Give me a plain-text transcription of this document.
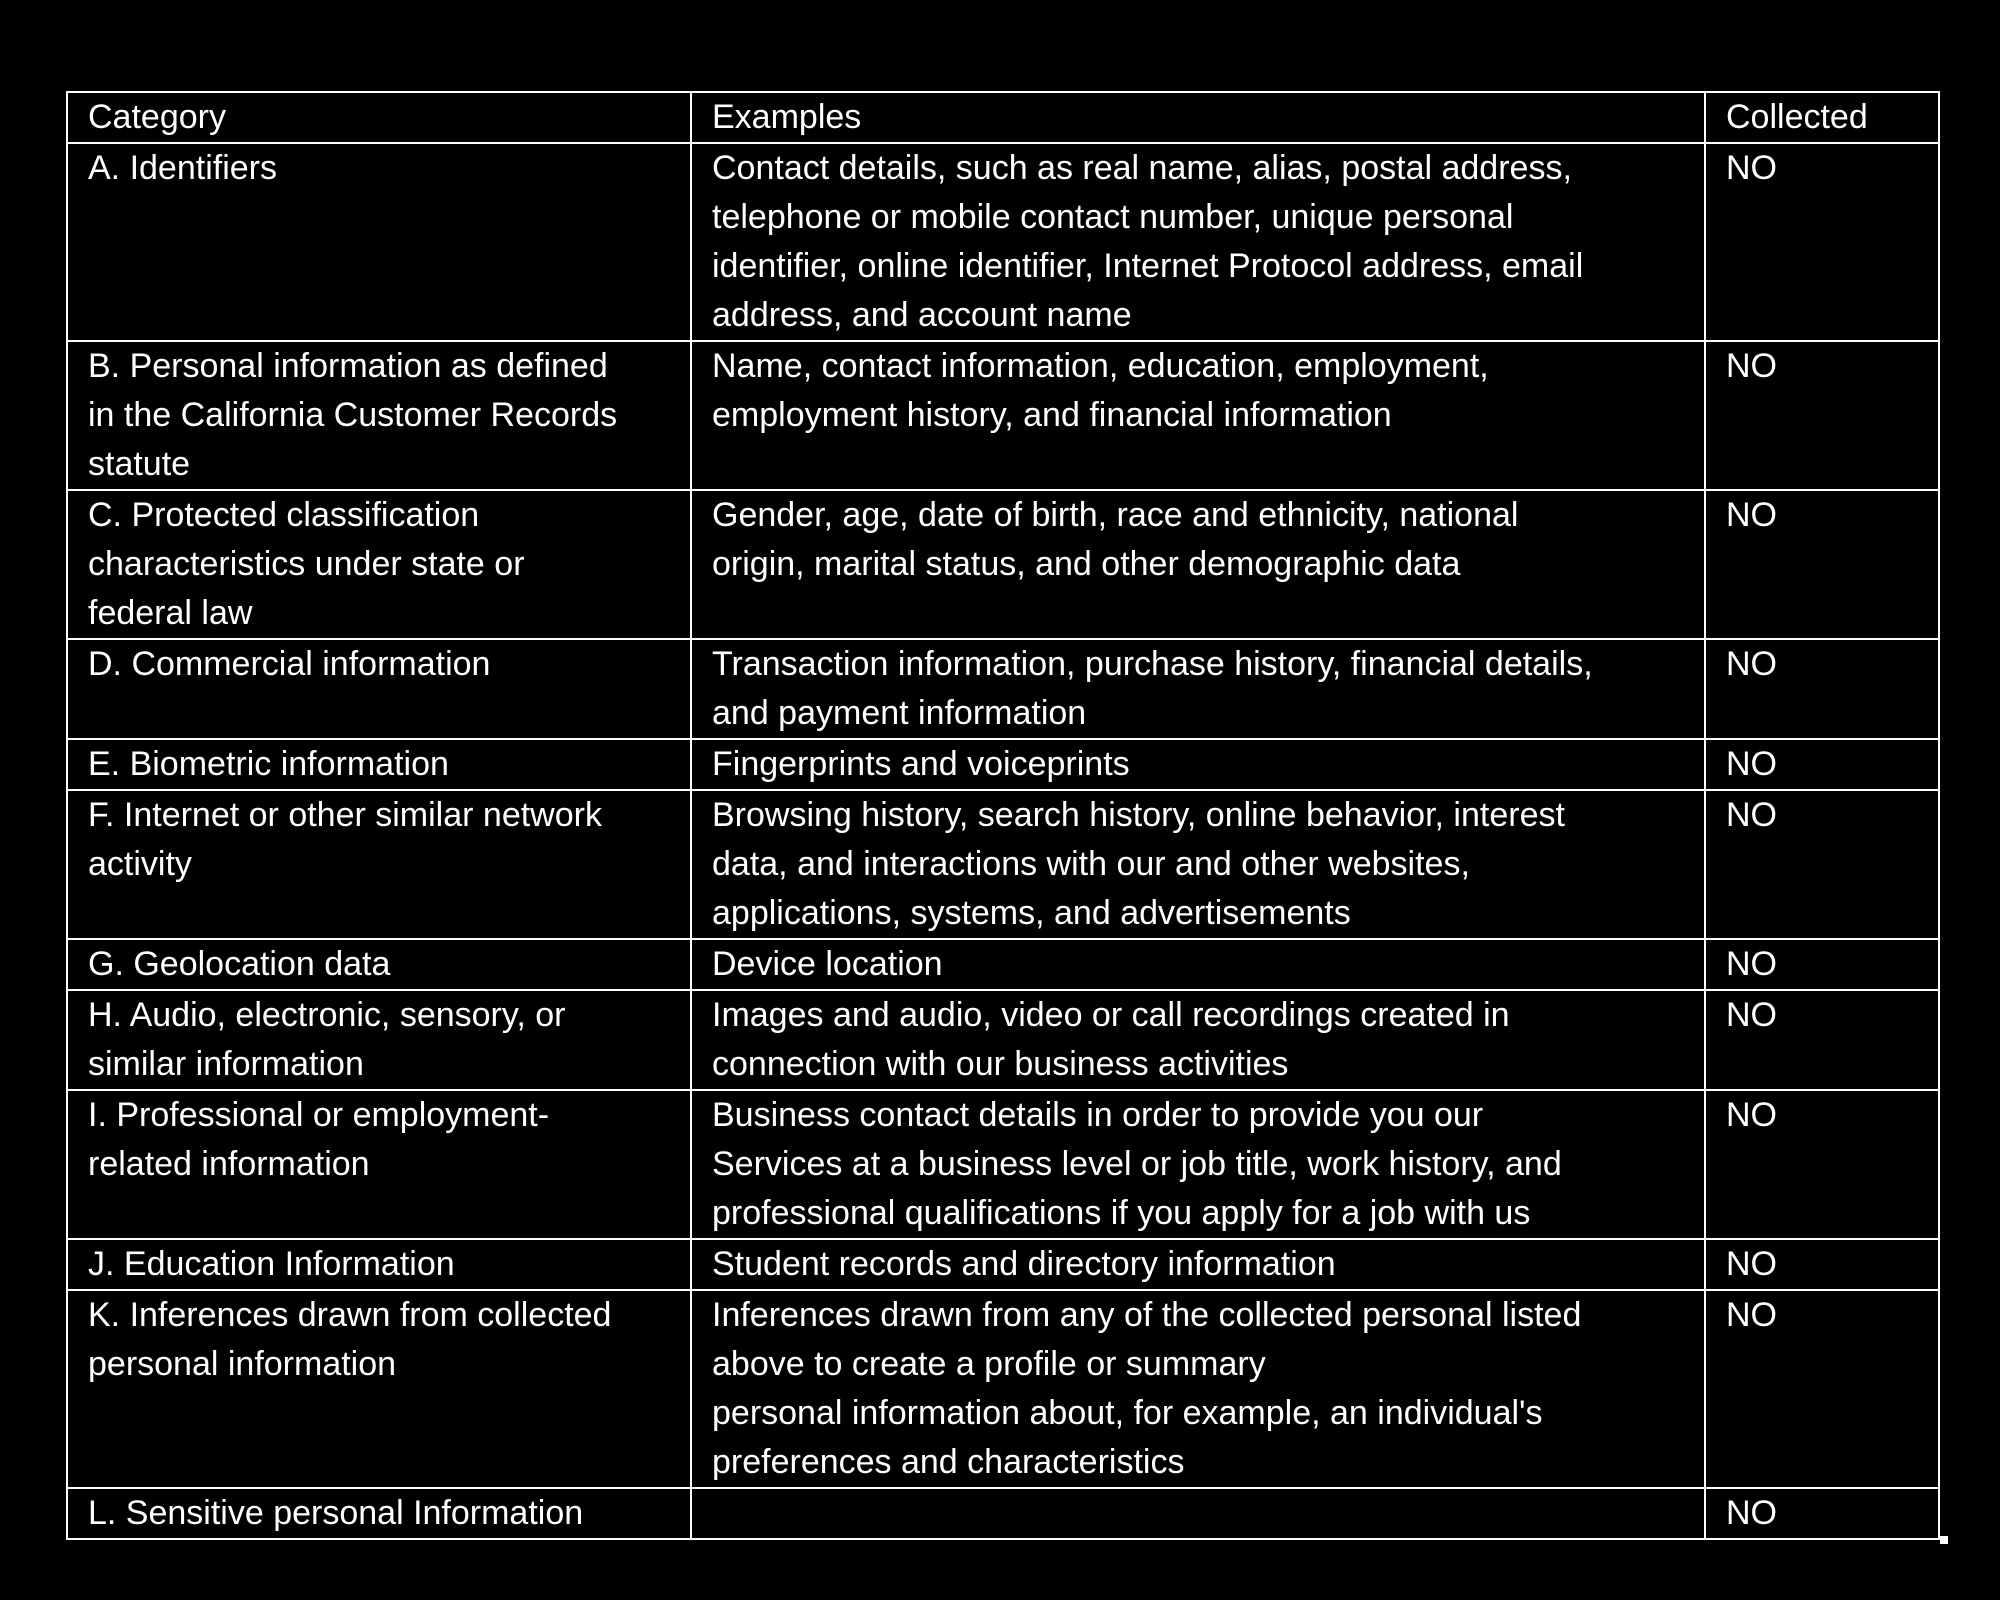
Category	Examples	Collected
A. Identifiers	Contact details, such as real name, alias, postal address,
telephone or mobile contact number, unique personal
identifier, online identifier, Internet Protocol address, email
address, and account name	NO
B. Personal information as defined
in the California Customer Records
statute	Name, contact information, education, employment,
employment history, and financial information	NO
C. Protected classification
characteristics under state or
federal law	Gender, age, date of birth, race and ethnicity, national
origin, marital status, and other demographic data	NO
D. Commercial information	Transaction information, purchase history, financial details,
and payment information	NO
E. Biometric information	Fingerprints and voiceprints	NO
F. Internet or other similar network
activity	Browsing history, search history, online behavior, interest
data, and interactions with our and other websites,
applications, systems, and advertisements	NO
G. Geolocation data	Device location	NO
H. Audio, electronic, sensory, or
similar information	Images and audio, video or call recordings created in
connection with our business activities	NO
I. Professional or employment-
related information	Business contact details in order to provide you our
Services at a business level or job title, work history, and
professional qualifications if you apply for a job with us	NO
J. Education Information	Student records and directory information	NO
K. Inferences drawn from collected
personal information	Inferences drawn from any of the collected personal listed
above to create a profile or summary
personal information about, for example, an individual's
preferences and characteristics	NO
L. Sensitive personal Information		NO
